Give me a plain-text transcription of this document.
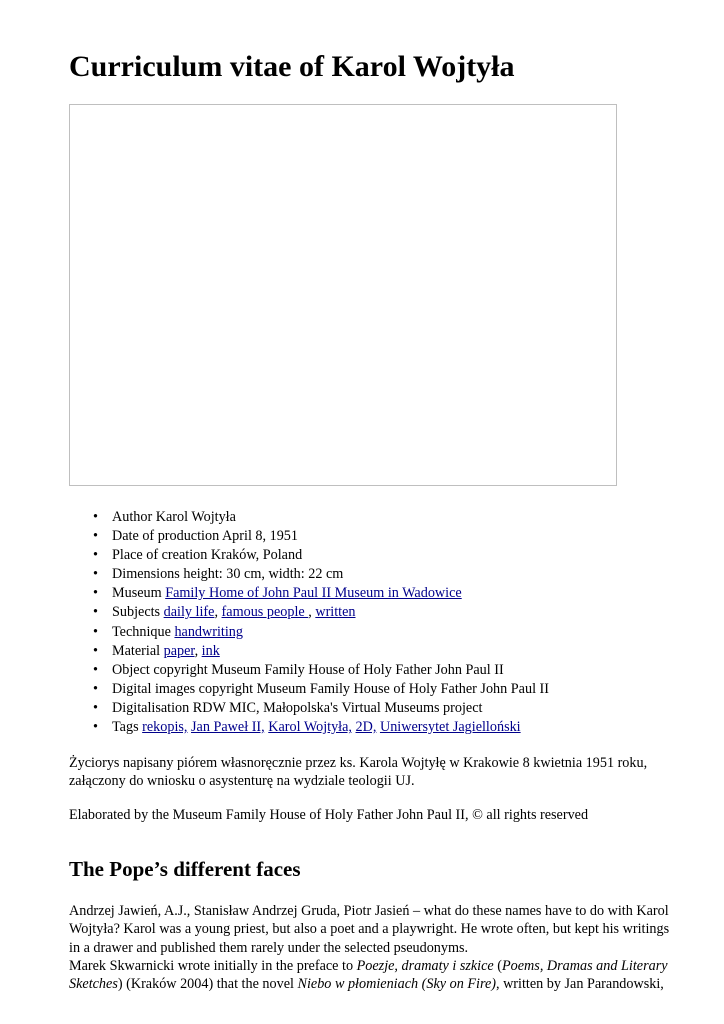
Curriculum vitae of Karol Wojtyła
• Author Karol Wojtyła
• Date of production April 8, 1951
• Place of creation Kraków, Poland
• Dimensions height: 30 cm, width: 22 cm
• Museum Family Home of John Paul II Museum in Wadowice
• Subjects daily life, famous people , written
• Technique handwriting
• Material paper, ink
• Object copyright Museum Family House of Holy Father John Paul II
• Digital images copyright Museum Family House of Holy Father John Paul II
• Digitalisation RDW MIC, Małopolska's Virtual Museums project
• Tags rekopis, Jan Paweł II, Karol Wojtyła, 2D, Uniwersytet Jagielloński

Życiorys napisany piórem własnoręcznie przez ks. Karola Wojtyłę w Krakowie 8 kwietnia 1951 roku, załączony do wniosku o asystenturę na wydziale teologii UJ.

Elaborated by the Museum Family House of Holy Father John Paul II, © all rights reserved

The Pope’s different faces

Andrzej Jawień, A.J., Stanisław Andrzej Gruda, Piotr Jasień – what do these names have to do with Karol
Wojtyła? Karol was a young priest, but also a poet and a playwright. He wrote often, but kept his writings
in a drawer and published them rarely under the selected pseudonyms.
Marek Skwarnicki wrote initially in the preface to Poezje, dramaty i szkice (Poems, Dramas and Literary
Sketches) (Kraków 2004) that the novel Niebo w płomieniach (Sky on Fire), written by Jan Parandowski,
